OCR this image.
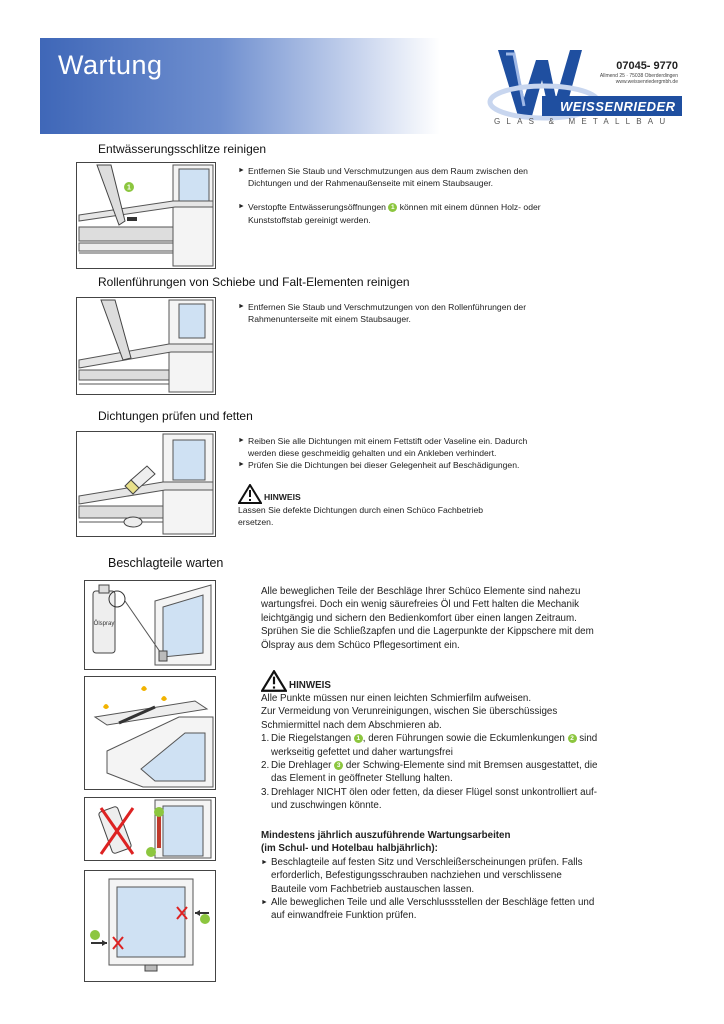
Wartung	07045- 9770
Allmend 25 · 75038 Oberderdingen
www.weissenriedergmbh.de
WEISSENRIEDER
GLAS & METALLBAU
Entwässerungsschlitze reinigen
1
► Entfernen Sie Staub und Verschmutzungen aus dem Raum zwischen den Dichtungen und der Rahmenaußenseite mit einem Staubsauger.
► Verstopfte Entwässerungsöffnungen 1 können mit einem dünnen Holz- oder Kunststoffstab gereinigt werden.
Rollenführungen von Schiebe und Falt-Elementen reinigen
► Entfernen Sie Staub und Verschmutzungen von den Rollenführungen der Rahmenunterseite mit einem Staubsauger.
Dichtungen prüfen und fetten
► Reiben Sie alle Dichtungen mit einem Fettstift oder Vaseline ein. Dadurch werden diese geschmeidig gehalten und ein Ankleben verhindert.
► Prüfen Sie die Dichtungen bei dieser Gelegenheit auf Beschädigungen.
HINWEIS
Lassen Sie defekte Dichtungen durch einen Schüco Fachbetrieb ersetzen.
Beschlagteile warten
Ölspray
Alle beweglichen Teile der Beschläge Ihrer Schüco Elemente sind nahezu wartungsfrei. Doch ein wenig säurefreies Öl und Fett halten die Mechanik leichtgängig und sichern den Bedienkomfort über einen langen Zeitraum. Sprühen Sie die Schließzapfen und die Lagerpunkte der Kippschere mit dem Ölspray aus dem Schüco Pflegesortiment ein.
HINWEIS
Alle Punkte müssen nur einen leichten Schmierfilm aufweisen.
Zur Vermeidung von Verunreinigungen, wischen Sie überschüssiges Schmiermittel nach dem Abschmieren ab.
1. Die Riegelstangen 1 , deren Führungen sowie die Eckumlenkungen 2 sind werkseitig gefettet und daher wartungsfrei
2. Die Drehlager 3 der Schwing-Elemente sind mit Bremsen ausgestattet, die das Element in geöffneter Stellung halten.
3. Drehlager NICHT ölen oder fetten, da dieser Flügel sonst unkontrolliert auf- und zuschwingen könnte.
Mindestens jährlich auszuführende Wartungsarbeiten
(im Schul- und Hotelbau halbjährlich):
► Beschlagteile auf festen Sitz und Verschleißerscheinungen prüfen. Falls erforderlich, Befestigungsschrauben nachziehen und verschlissene Bauteile vom Fachbetrieb austauschen lassen.
► Alle beweglichen Teile und alle Verschlussstellen der Beschläge fetten und auf einwandfreie Funktion prüfen.
